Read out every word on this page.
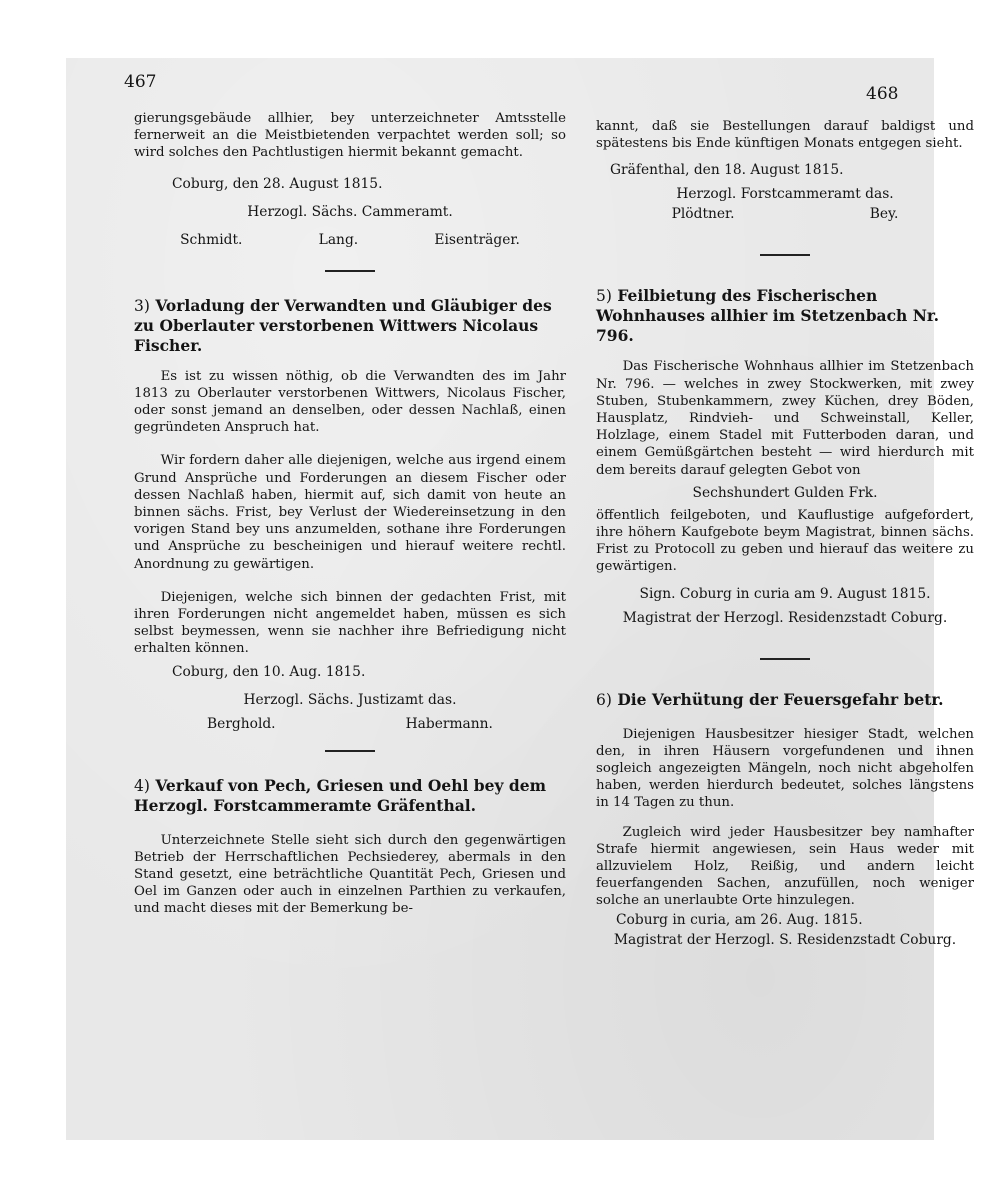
467
468

gierungsgebäude allhier, bey unterzeichneter Amtsstelle fernerweit an die Meistbietenden verpachtet werden soll; so wird solches den Pachtlustigen hiermit bekannt gemacht.

Coburg, den 28. August 1815.

Herzogl. Sächs. Cammeramt.

Schmidt.	Lang.	Eisenträger.

3) Vorladung der Verwandten und Gläubiger des zu Oberlauter verstorbenen Wittwers Nicolaus Fischer.

Es ist zu wissen nöthig, ob die Verwandten des im Jahr 1813 zu Oberlauter verstorbenen Wittwers, Nicolaus Fischer, oder sonst jemand an denselben, oder dessen Nachlaß, einen gegründeten Anspruch hat.

Wir fordern daher alle diejenigen, welche aus irgend einem Grund Ansprüche und Forderungen an diesem Fischer oder dessen Nachlaß haben, hiermit auf, sich damit von heute an binnen sächs. Frist, bey Verlust der Wiedereinsetzung in den vorigen Stand bey uns anzumelden, sothane ihre Forderungen und Ansprüche zu bescheinigen und hierauf weitere rechtl. Anordnung zu gewärtigen.

Diejenigen, welche sich binnen der gedachten Frist, mit ihren Forderungen nicht angemeldet haben, müssen es sich selbst beymessen, wenn sie nachher ihre Befriedigung nicht erhalten können.

Coburg, den 10. Aug. 1815.

Herzogl. Sächs. Justizamt das.

Berghold.	Habermann.

4) Verkauf von Pech, Griesen und Oehl bey dem Herzogl. Forstcammeramte Gräfenthal.

Unterzeichnete Stelle sieht sich durch den gegenwärtigen Betrieb der Herrschaftlichen Pechsiederey, abermals in den Stand gesetzt, eine beträchtliche Quantität Pech, Griesen und Oel im Ganzen oder auch in einzelnen Parthien zu verkaufen, und macht dieses mit der Bemerkung be-

kannt, daß sie Bestellungen darauf baldigst und spätestens bis Ende künftigen Monats entgegen sieht.

Gräfenthal, den 18. August 1815.

Herzogl. Forstcammeramt das.

Plödtner.	Bey.

5) Feilbietung des Fischerischen Wohnhauses allhier im Stetzenbach Nr. 796.

Das Fischerische Wohnhaus allhier im Stetzenbach Nr. 796. — welches in zwey Stockwerken, mit zwey Stuben, Stubenkammern, zwey Küchen, drey Böden, Hausplatz, Rindvieh- und Schweinstall, Keller, Holzlage, einem Stadel mit Futterboden daran, und einem Gemüßgärtchen besteht — wird hierdurch mit dem bereits darauf gelegten Gebot von

Sechshundert Gulden Frk.

öffentlich feilgeboten, und Kauflustige aufgefordert, ihre höhern Kaufgebote beym Magistrat, binnen sächs. Frist zu Protocoll zu geben und hierauf das weitere zu gewärtigen.

Sign. Coburg in curia am 9. August 1815.

Magistrat der Herzogl. Residenzstadt Coburg.

6) Die Verhütung der Feuersgefahr betr.

Diejenigen Hausbesitzer hiesiger Stadt, welchen den, in ihren Häusern vorgefundenen und ihnen sogleich angezeigten Mängeln, noch nicht abgeholfen haben, werden hierdurch bedeutet, solches längstens in 14 Tagen zu thun.

Zugleich wird jeder Hausbesitzer bey namhafter Strafe hiermit angewiesen, sein Haus weder mit allzuvielem Holz, Reißig, und andern leicht feuerfangenden Sachen, anzufüllen, noch weniger solche an unerlaubte Orte hinzulegen.

Coburg in curia, am 26. Aug. 1815.

Magistrat der Herzogl. S. Residenzstadt Coburg.
